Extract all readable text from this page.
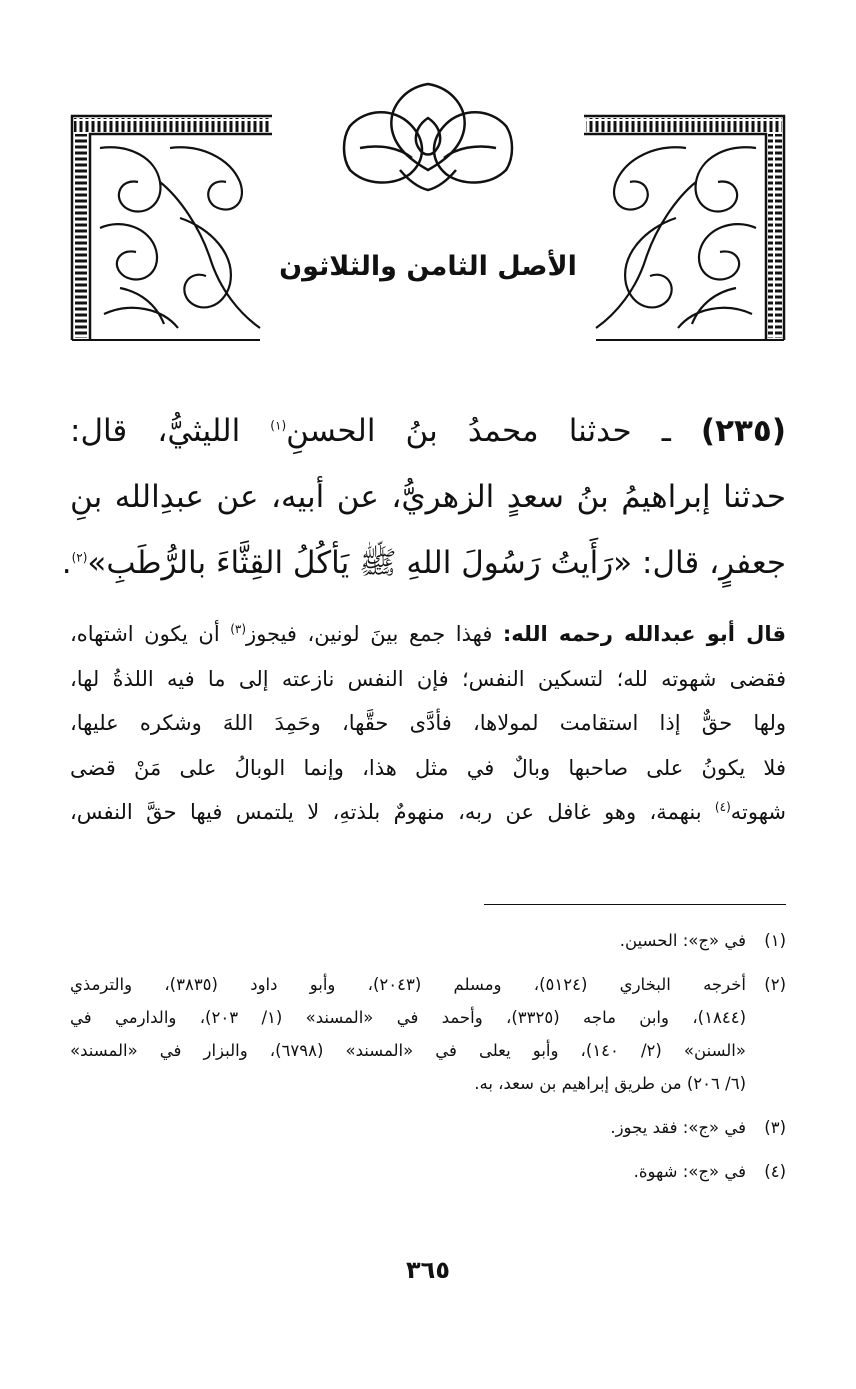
الأصل الثامن والثلاثون
(٢٣٥) ـ حدثنا محمدُ بنُ الحسنِ$^{(١)}$ الليثيُّ، قال:
حدثنا إبراهيمُ بنُ سعدٍ الزهريُّ، عن أبيه، عن عبدِالله بنِ
جعفرٍ، قال: «رَأَيتُ رَسُولَ اللهِ ﷺ يَأكُلُ القِثَّاءَ بالرُّطَبِ»$^{(٢)}$.
قال أبو عبدالله رحمه الله: فهذا جمع بينَ لونين، فيجوز$^{(٣)}$ أن يكون اشتهاه،
فقضى شهوته لله؛ لتسكين النفس؛ فإن النفس نازعته إلى ما فيه اللذةُ لها،
ولها حقٌّ إذا استقامت لمولاها، فأدَّى حقَّها، وحَمِدَ اللهَ وشكره عليها،
فلا يكونُ على صاحبها وبالٌ في مثل هذا، وإنما الوبالُ على مَنْ قضى
شهوته$^{(٤)}$ بنهمة، وهو غافل عن ربه، منهومٌ بلذتهِ، لا يلتمس فيها حقَّ النفس،
(١)
في «ج»: الحسين.
(٢)
أخرجه البخاري (٥١٢٤)، ومسلم (٢٠٤٣)، وأبو داود (٣٨٣٥)، والترمذي
(١٨٤٤)، وابن ماجه (٣٣٢٥)، وأحمد في «المسند» (١/ ٢٠٣)، والدارمي في
«السنن» (٢/ ١٤٠)، وأبو يعلى في «المسند» (٦٧٩٨)، والبزار في «المسند»
(٦/ ٢٠٦) من طريق إبراهيم بن سعد، به.
(٣)
في «ج»: فقد يجوز.
(٤)
في «ج»: شهوة.
٣٦٥
